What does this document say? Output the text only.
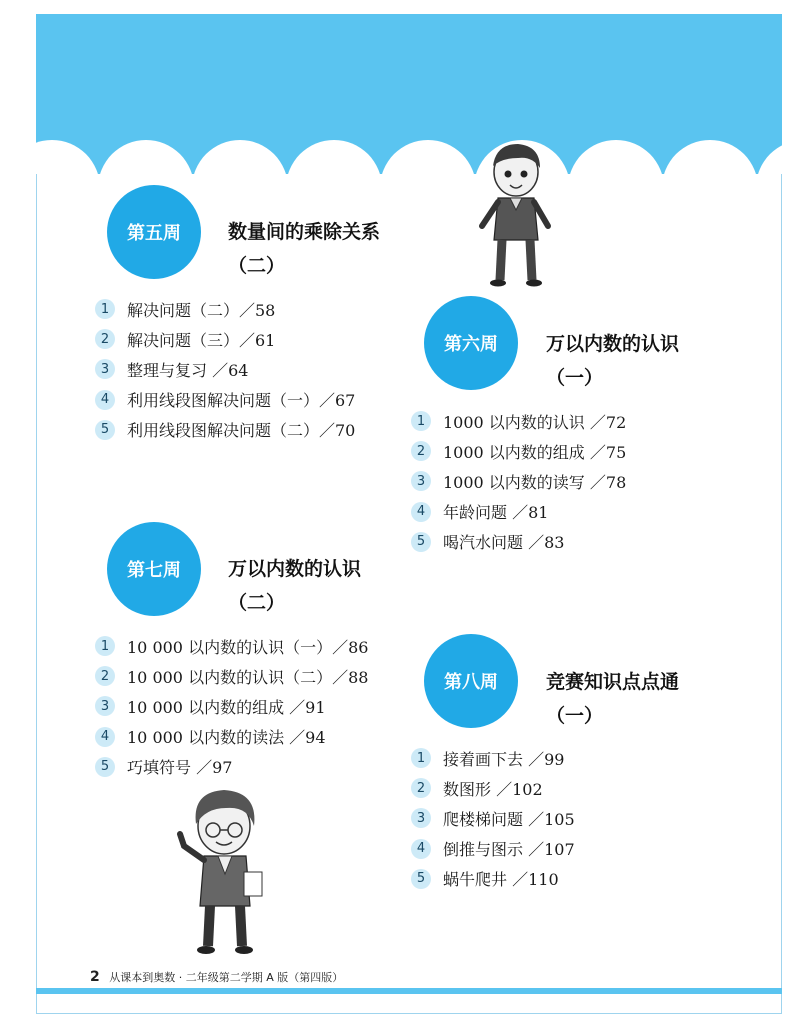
第五周	数量间的乘除关系
（二）
1	解决问题（二）／58
2	解决问题（三）／61
3	整理与复习 ／64
4	利用线段图解决问题（一）／67
5	利用线段图解决问题（二）／70
第六周	万以内数的认识
（一）
1	1000 以内数的认识 ／72
2	1000 以内数的组成 ／75
3	1000 以内数的读写 ／78
4	年龄问题 ／81
5	喝汽水问题 ／83
第七周	万以内数的认识
（二）
1	10 000 以内数的认识（一）／86
2	10 000 以内数的认识（二）／88
3	10 000 以内数的组成 ／91
4	10 000 以内数的读法 ／94
5	巧填符号 ／97
第八周	竞赛知识点点通
（一）
1	接着画下去 ／99
2	数图形 ／102
3	爬楼梯问题 ／105
4	倒推与图示 ／107
5	蜗牛爬井 ／110
2 从课本到奥数 · 二年级第二学期 A 版（第四版）
